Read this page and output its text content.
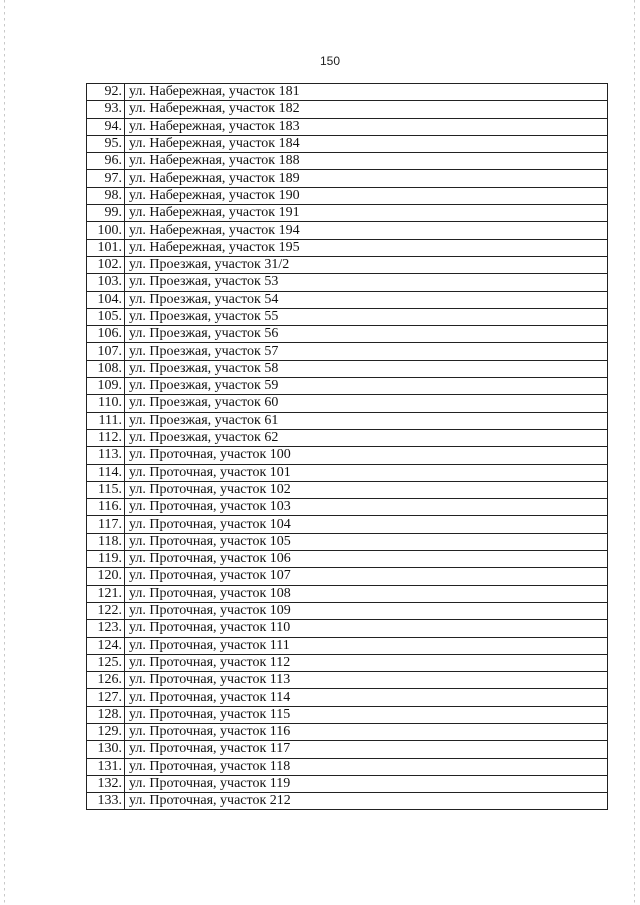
150
92.	ул. Набережная, участок 181
93.	ул. Набережная, участок 182
94.	ул. Набережная, участок 183
95.	ул. Набережная, участок 184
96.	ул. Набережная, участок 188
97.	ул. Набережная, участок 189
98.	ул. Набережная, участок 190
99.	ул. Набережная, участок 191
100.	ул. Набережная, участок 194
101.	ул. Набережная, участок 195
102.	ул. Проезжая, участок 31/2
103.	ул. Проезжая, участок 53
104.	ул. Проезжая, участок 54
105.	ул. Проезжая, участок 55
106.	ул. Проезжая, участок 56
107.	ул. Проезжая, участок 57
108.	ул. Проезжая, участок 58
109.	ул. Проезжая, участок 59
110.	ул. Проезжая, участок 60
111.	ул. Проезжая, участок 61
112.	ул. Проезжая, участок 62
113.	ул. Проточная, участок 100
114.	ул. Проточная, участок 101
115.	ул. Проточная, участок 102
116.	ул. Проточная, участок 103
117.	ул. Проточная, участок 104
118.	ул. Проточная, участок 105
119.	ул. Проточная, участок 106
120.	ул. Проточная, участок 107
121.	ул. Проточная, участок 108
122.	ул. Проточная, участок 109
123.	ул. Проточная, участок 110
124.	ул. Проточная, участок 111
125.	ул. Проточная, участок 112
126.	ул. Проточная, участок 113
127.	ул. Проточная, участок 114
128.	ул. Проточная, участок 115
129.	ул. Проточная, участок 116
130.	ул. Проточная, участок 117
131.	ул. Проточная, участок 118
132.	ул. Проточная, участок 119
133.	ул. Проточная, участок 212
